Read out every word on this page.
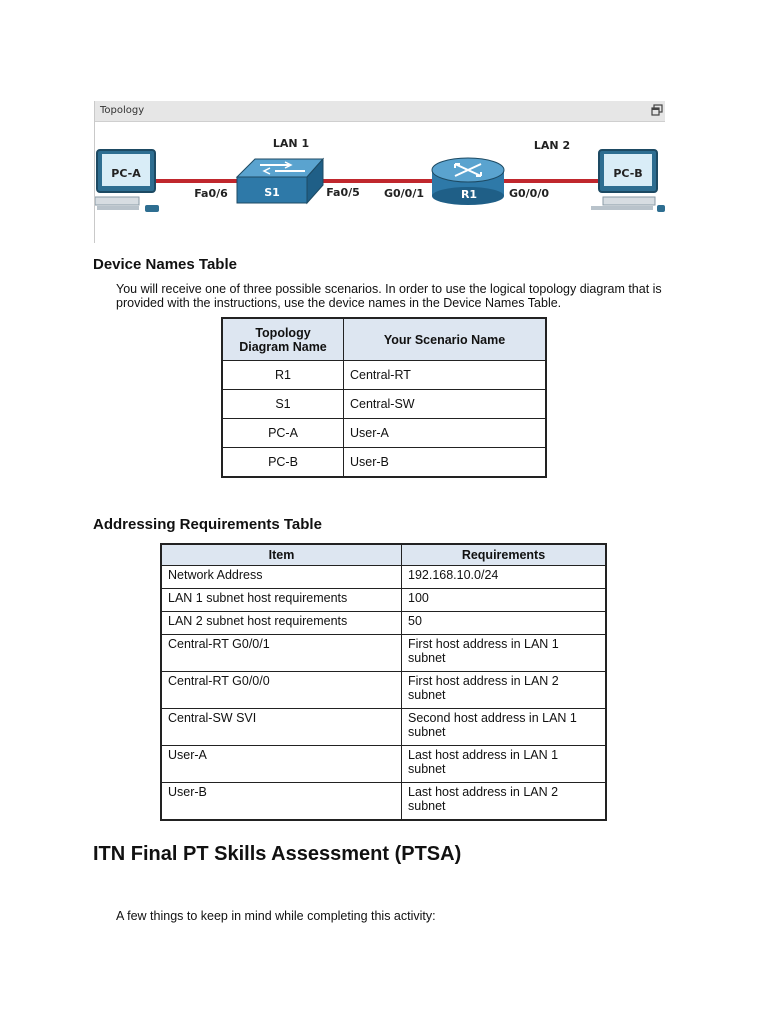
Topology
PC-A
S1	R1
PC-B
LAN 1	LAN 2
Fa0/6	Fa0/5 G0/0/1	G0/0/0
Device Names Table

You will receive one of three possible scenarios. In order to use the logical topology diagram that is provided with the instructions, use the device names in the Device Names Table.

Topology
Diagram Name	Your Scenario Name
R1	Central-RT
S1	Central-SW
PC-A	User-A
PC-B	User-B
Addressing Requirements Table
Item	Requirements
Network Address	192.168.10.0/24
LAN 1 subnet host requirements	100
LAN 2 subnet host requirements	50
Central-RT G0/0/1	First host address in LAN 1
subnet
Central-RT G0/0/0	First host address in LAN 2
subnet
Central-SW SVI	Second host address in LAN 1
subnet
User-A	Last host address in LAN 1
subnet
User-B	Last host address in LAN 2
subnet
ITN Final PT Skills Assessment (PTSA)

A few things to keep in mind while completing this activity:
